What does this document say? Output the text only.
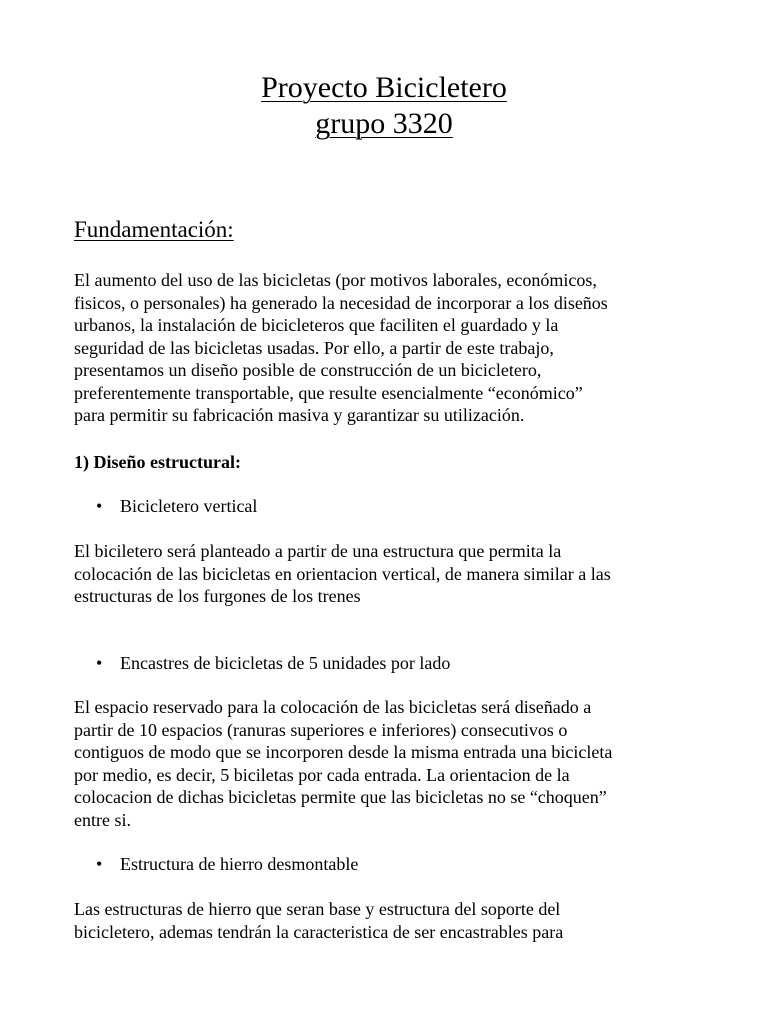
Proyecto Bicicletero
grupo 3320
Fundamentación:
El aumento del uso de las bicicletas (por motivos laborales, económicos,
fisicos, o personales) ha generado la necesidad de incorporar a los diseños
urbanos, la instalación de bicicleteros que faciliten el guardado y la
seguridad de las bicicletas usadas. Por ello, a partir de este trabajo,
presentamos un diseño posible de construcción de un bicicletero,
preferentemente transportable, que resulte esencialmente “económico”
para permitir su fabricación masiva y garantizar su utilización.
1) Diseño estructural:
• Bicicletero vertical
El biciletero será planteado a partir de una estructura que permita la
colocación de las bicicletas en orientacion vertical, de manera similar a las
estructuras de los furgones de los trenes
• Encastres de bicicletas de 5 unidades por lado
El espacio reservado para la colocación de las bicicletas será diseñado a
partir de 10 espacios (ranuras superiores e inferiores) consecutivos o
contiguos de modo que se incorporen desde la misma entrada una bicicleta
por medio, es decir, 5 biciletas por cada entrada. La orientacion de la
colocacion de dichas bicicletas permite que las bicicletas no se “choquen”
entre si.
• Estructura de hierro desmontable
Las estructuras de hierro que seran base y estructura del soporte del
bicicletero, ademas tendrán la caracteristica de ser encastrables para
